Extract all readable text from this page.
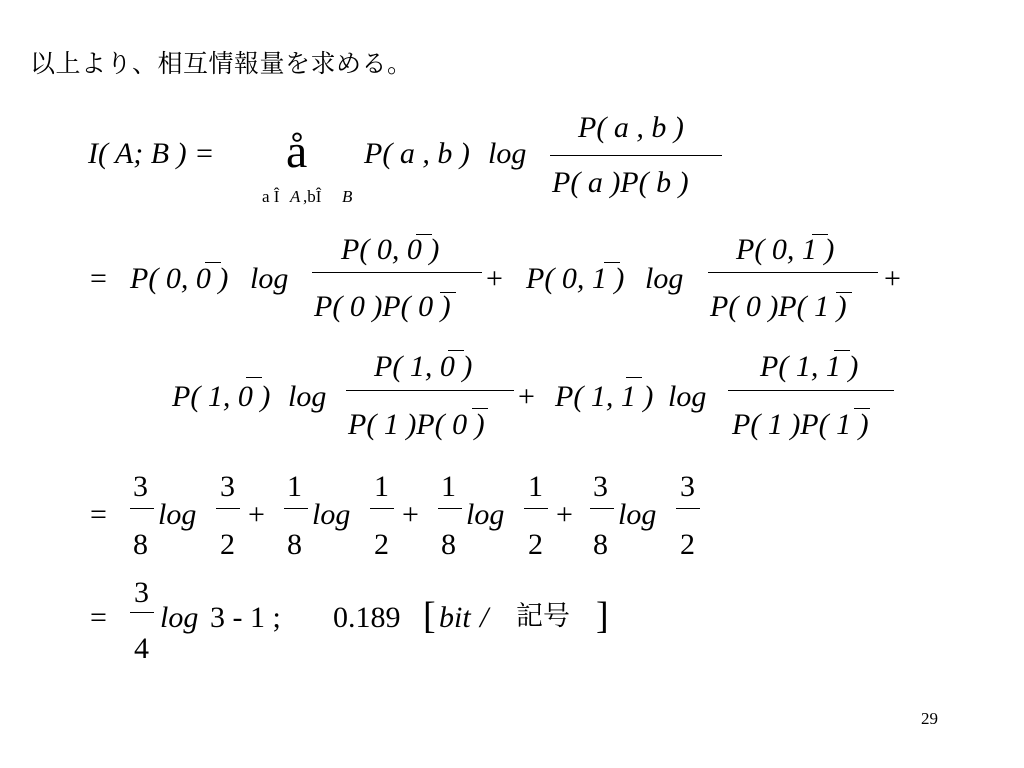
以上より、相互情報量を求める。
I( A; B ) = å
a Î A ,bÎ B
P( a , b ) log
P( a , b )
P( a )P( b )
= P( 0, 0 ) log
P( 0, 0 )
P( 0 )P( 0 )
+ P( 0, 1 ) log
P( 0, 1 )
P( 0 )P( 1 )
+
P( 1, 0 ) log
P( 1, 0 )
P( 1 )P( 0 )
+ P( 1, 1 ) log
P( 1, 1 )
P( 1 )P( 1 )
=
3
8
log
3
2
+
1
8
log
1
2
+
1
8
log
1
2
+
3
8
log
3
2
=
3
4
log 3 - 1 ; 0.189 [ bit / 記号 ]
29
